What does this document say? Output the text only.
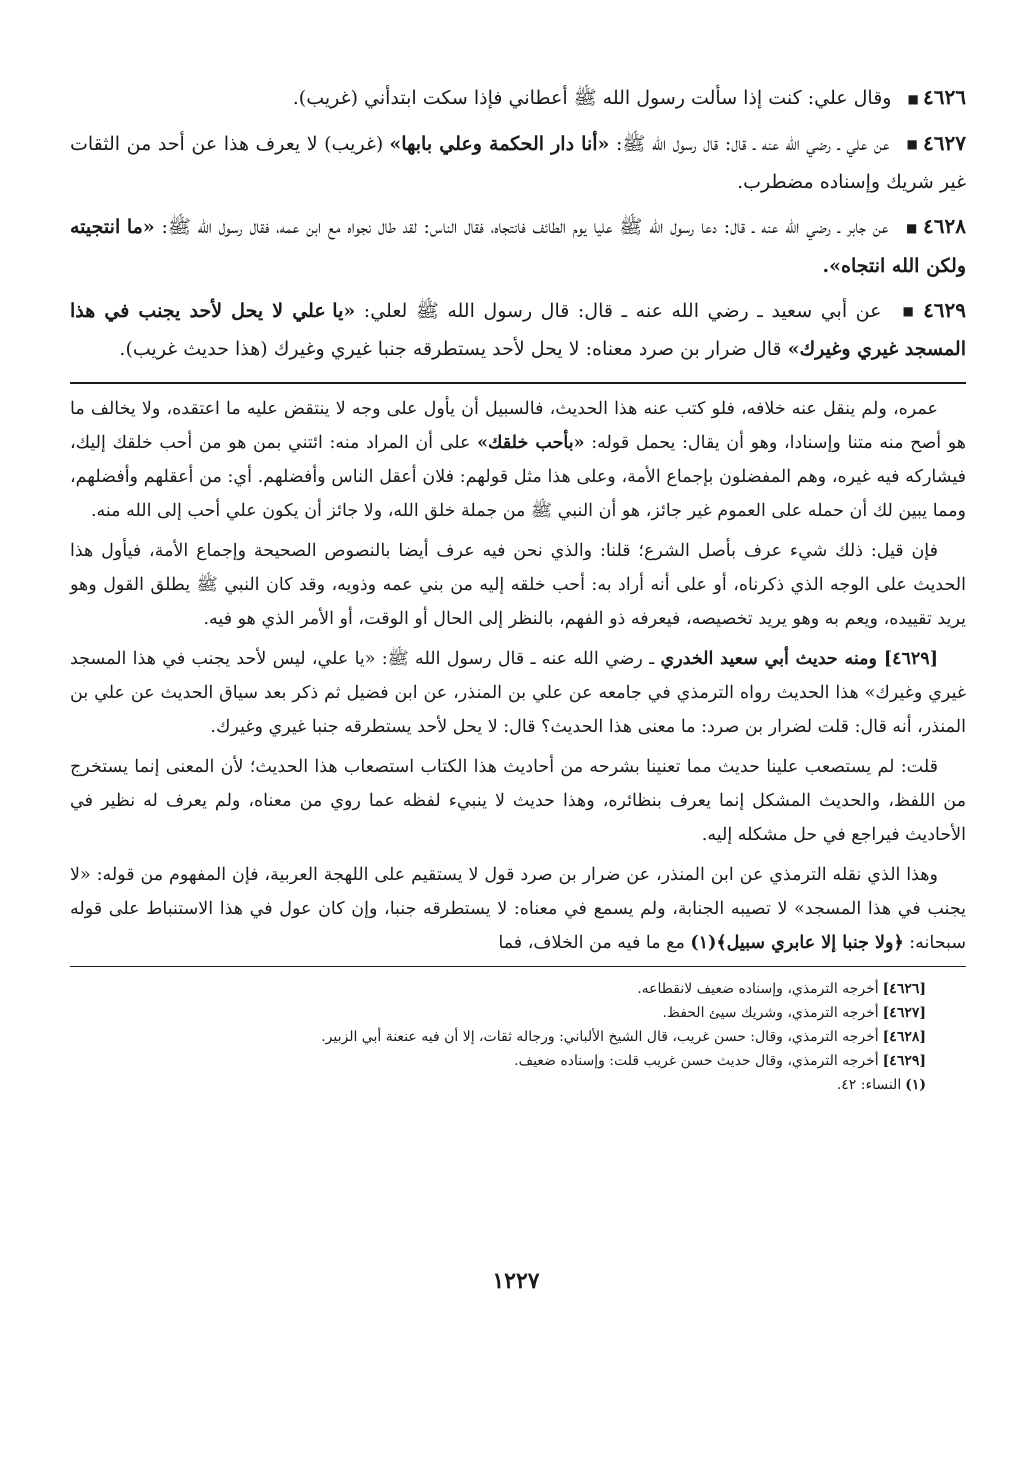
٤٦٢٦ ■ وقال علي: كنت إذا سألت رسول الله ﷺ أعطاني فإذا سكت ابتدأني (غريب).

٤٦٢٧ ■ عن علي ـ رضي الله عنه ـ قال: قال رسول الله ﷺ: «أنا دار الحكمة وعلي بابها» (غريب) لا يعرف هذا عن أحد من الثقات غير شريك وإسناده مضطرب.

٤٦٢٨ ■ عن جابر ـ رضي الله عنه ـ قال: دعا رسول الله ﷺ عليا يوم الطائف فانتجاه، فقال الناس: لقد طال نجواه مع ابن عمه، فقال رسول الله ﷺ: «ما انتجيته ولكن الله انتجاه».

٤٦٢٩ ■ عن أبي سعيد ـ رضي الله عنه ـ قال: قال رسول الله ﷺ لعلي: «يا علي لا يحل لأحد يجنب في هذا المسجد غيري وغيرك» قال ضرار بن صرد معناه: لا يحل لأحد يستطرقه جنبا غيري وغيرك (هذا حديث غريب).

عمره، ولم ينقل عنه خلافه، فلو كتب عنه هذا الحديث، فالسبيل أن يأول على وجه لا ينتقض عليه ما اعتقده، ولا يخالف ما هو أصح منه متنا وإسنادا، وهو أن يقال: يحمل قوله: «بأحب خلقك» على أن المراد منه: ائتني بمن هو من أحب خلقك إليك، فيشاركه فيه غيره، وهم المفضلون بإجماع الأمة، وعلى هذا مثل قولهم: فلان أعقل الناس وأفضلهم. أي: من أعقلهم وأفضلهم، ومما يبين لك أن حمله على العموم غير جائز، هو أن النبي ﷺ من جملة خلق الله، ولا جائز أن يكون علي أحب إلى الله منه.

فإن قيل: ذلك شيء عرف بأصل الشرع؛ قلنا: والذي نحن فيه عرف أيضا بالنصوص الصحيحة وإجماع الأمة، فيأول هذا الحديث على الوجه الذي ذكرناه، أو على أنه أراد به: أحب خلقه إليه من بني عمه وذويه، وقد كان النبي ﷺ يطلق القول وهو يريد تقييده، ويعم به وهو يريد تخصيصه، فيعرفه ذو الفهم، بالنظر إلى الحال أو الوقت، أو الأمر الذي هو فيه.

[٤٦٢٩] ومنه حديث أبي سعيد الخدري ـ رضي الله عنه ـ قال رسول الله ﷺ: «يا علي، ليس لأحد يجنب في هذا المسجد غيري وغيرك» هذا الحديث رواه الترمذي في جامعه عن علي بن المنذر، عن ابن فضيل ثم ذكر بعد سياق الحديث عن علي بن المنذر، أنه قال: قلت لضرار بن صرد: ما معنى هذا الحديث؟ قال: لا يحل لأحد يستطرقه جنبا غيري وغيرك.

قلت: لم يستصعب علينا حديث مما تعنينا بشرحه من أحاديث هذا الكتاب استصعاب هذا الحديث؛ لأن المعنى إنما يستخرج من اللفظ، والحديث المشكل إنما يعرف بنظائره، وهذا حديث لا ينبيء لفظه عما روي من معناه، ولم يعرف له نظير في الأحاديث فيراجع في حل مشكله إليه.

وهذا الذي نقله الترمذي عن ابن المنذر، عن ضرار بن صرد قول لا يستقيم على اللهجة العربية، فإن المفهوم من قوله: «لا يجنب في هذا المسجد» لا تصيبه الجنابة، ولم يسمع في معناه: لا يستطرقه جنبا، وإن كان عول في هذا الاستنباط على قوله سبحانه: ﴿ولا جنبا إلا عابري سبيل﴾(١) مع ما فيه من الخلاف، فما

[٤٦٢٦]أخرجه الترمذي، وإسناده ضعيف لانقطاعه.
[٤٦٢٧]أخرجه الترمذي، وشريك سيئ الحفظ.
[٤٦٢٨]أخرجه الترمذي، وقال: حسن غريب، قال الشيخ الألباني: ورجاله ثقات، إلا أن فيه عنعنة أبي الزبير.
[٤٦٢٩]أخرجه الترمذي، وقال حديث حسن غريب قلت: وإسناده ضعيف.
(١)النساء: ٤٢.
١٢٢٧
